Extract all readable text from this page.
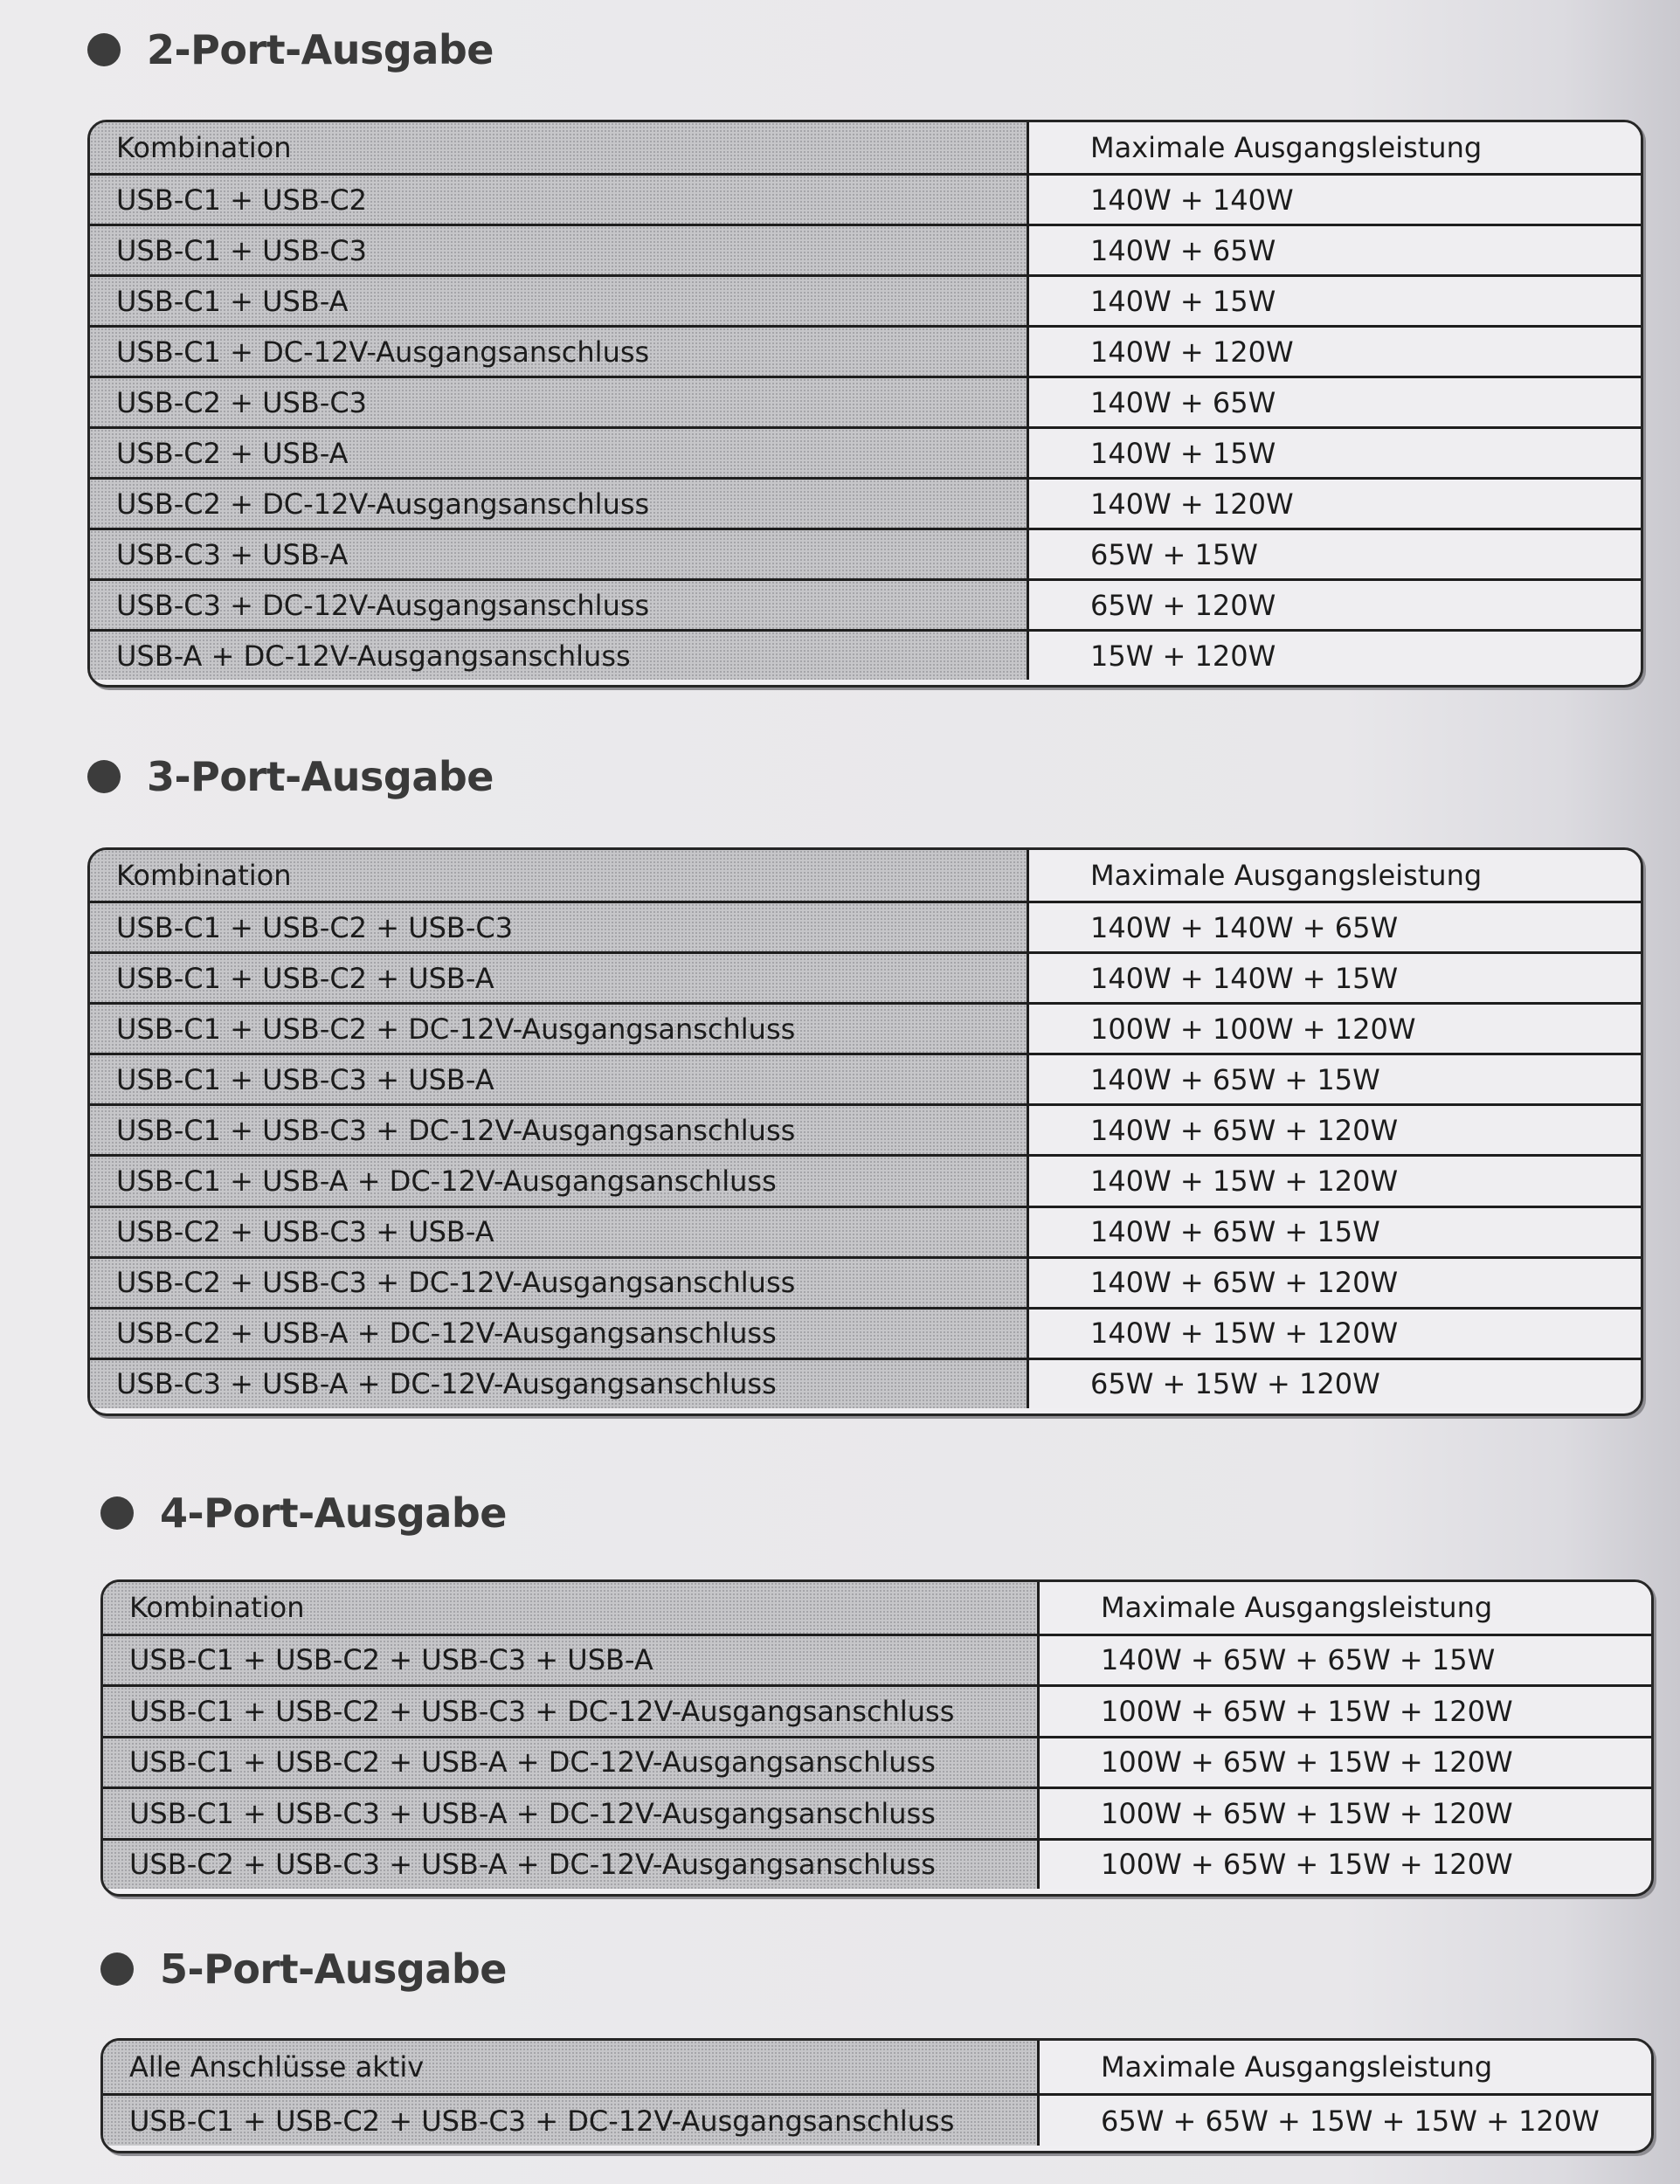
2-Port-Ausgabe
Kombination	Maximale Ausgangsleistung
USB-C1 + USB-C2	140W + 140W
USB-C1 + USB-C3	140W + 65W
USB-C1 + USB-A	140W + 15W
USB-C1 + DC-12V-Ausgangsanschluss	140W + 120W
USB-C2 + USB-C3	140W + 65W
USB-C2 + USB-A	140W + 15W
USB-C2 + DC-12V-Ausgangsanschluss	140W + 120W
USB-C3 + USB-A	65W + 15W
USB-C3 + DC-12V-Ausgangsanschluss	65W + 120W
USB-A + DC-12V-Ausgangsanschluss	15W + 120W
3-Port-Ausgabe
Kombination	Maximale Ausgangsleistung
USB-C1 + USB-C2 + USB-C3	140W + 140W + 65W
USB-C1 + USB-C2 + USB-A	140W + 140W + 15W
USB-C1 + USB-C2 + DC-12V-Ausgangsanschluss	100W + 100W + 120W
USB-C1 + USB-C3 + USB-A	140W + 65W + 15W
USB-C1 + USB-C3 + DC-12V-Ausgangsanschluss	140W + 65W + 120W
USB-C1 + USB-A + DC-12V-Ausgangsanschluss	140W + 15W + 120W
USB-C2 + USB-C3 + USB-A	140W + 65W + 15W
USB-C2 + USB-C3 + DC-12V-Ausgangsanschluss	140W + 65W + 120W
USB-C2 + USB-A + DC-12V-Ausgangsanschluss	140W + 15W + 120W
USB-C3 + USB-A + DC-12V-Ausgangsanschluss	65W + 15W + 120W
4-Port-Ausgabe
Kombination	Maximale Ausgangsleistung
USB-C1 + USB-C2 + USB-C3 + USB-A	140W + 65W + 65W + 15W
USB-C1 + USB-C2 + USB-C3 + DC-12V-Ausgangsanschluss	100W + 65W + 15W + 120W
USB-C1 + USB-C2 + USB-A + DC-12V-Ausgangsanschluss	100W + 65W + 15W + 120W
USB-C1 + USB-C3 + USB-A + DC-12V-Ausgangsanschluss	100W + 65W + 15W + 120W
USB-C2 + USB-C3 + USB-A + DC-12V-Ausgangsanschluss	100W + 65W + 15W + 120W
5-Port-Ausgabe
Alle Anschlüsse aktiv	Maximale Ausgangsleistung
USB-C1 + USB-C2 + USB-C3 + DC-12V-Ausgangsanschluss	65W + 65W + 15W + 15W + 120W
